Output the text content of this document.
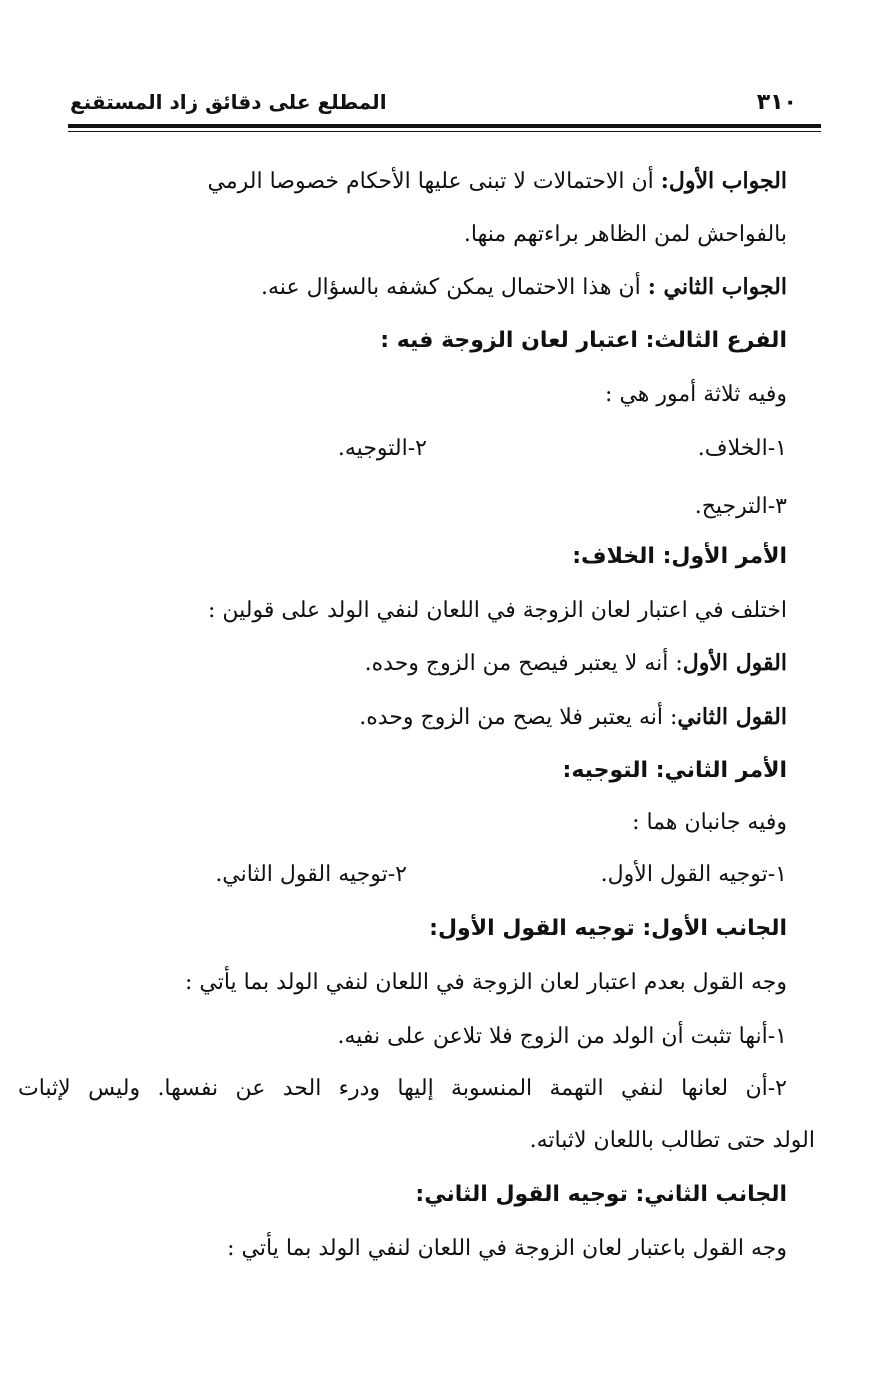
٣١٠
المطلع على دقائق زاد المستقنع
الجواب الأول: أن الاحتمالات لا تبنى عليها الأحكام خصوصا الرمي
بالفواحش لمن الظاهر براءتهم منها.
الجواب الثاني : أن هذا الاحتمال يمكن كشفه بالسؤال عنه.
الفرع الثالث: اعتبار لعان الزوجة فيه :
وفيه ثلاثة أمور هي :
١-الخلاف.
٢-التوجيه.
٣-الترجيح.
الأمر الأول: الخلاف:
اختلف في اعتبار لعان الزوجة في اللعان لنفي الولد على قولين :
القول الأول: أنه لا يعتبر فيصح من الزوج وحده.
القول الثاني: أنه يعتبر فلا يصح من الزوج وحده.
الأمر الثاني: التوجيه:
وفيه جانبان هما :
١-توجيه القول الأول.
٢-توجيه القول الثاني.
الجانب الأول: توجيه القول الأول:
وجه القول بعدم اعتبار لعان الزوجة في اللعان لنفي الولد بما يأتي :
١-أنها تثبت أن الولد من الزوج فلا تلاعن على نفيه.
٢-أن لعانها لنفي التهمة المنسوبة إليها ودرء الحد عن نفسها. وليس لإثبات
الولد حتى تطالب باللعان لاثباته.
الجانب الثاني: توجيه القول الثاني:
وجه القول باعتبار لعان الزوجة في اللعان لنفي الولد بما يأتي :
